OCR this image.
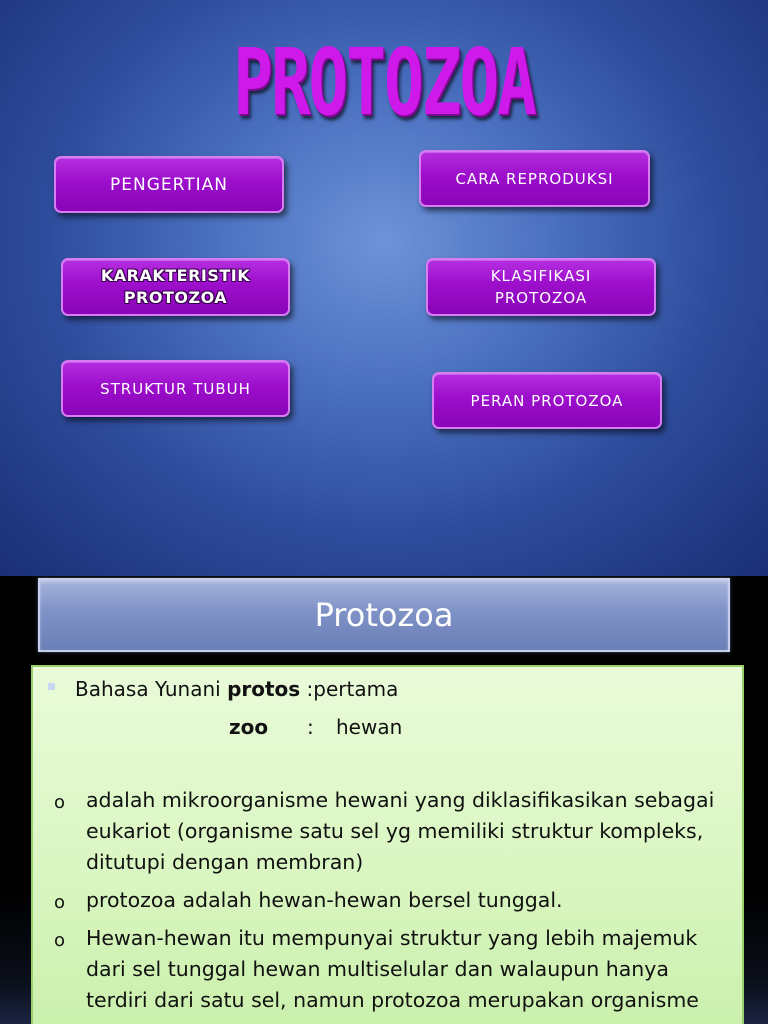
PROTOZOA
PENGERTIAN	CARA REPRODUKSI
KARAKTERISTIK
PROTOZOA
KLASIFIKASI
PROTOZOA
STRUKTUR TUBUH
PERAN PROTOZOA
Protozoa
Bahasa Yunani protos :pertama
zoo : hewan
o adalah mikroorganisme hewani yang diklasifikasikan sebagai eukariot (organisme satu sel yg memiliki struktur kompleks, ditutupi dengan membran)
o protozoa adalah hewan-hewan bersel tunggal.
o Hewan-hewan itu mempunyai struktur yang lebih majemuk dari sel tunggal hewan multiselular dan walaupun hanya terdiri dari satu sel, namun protozoa merupakan organisme
